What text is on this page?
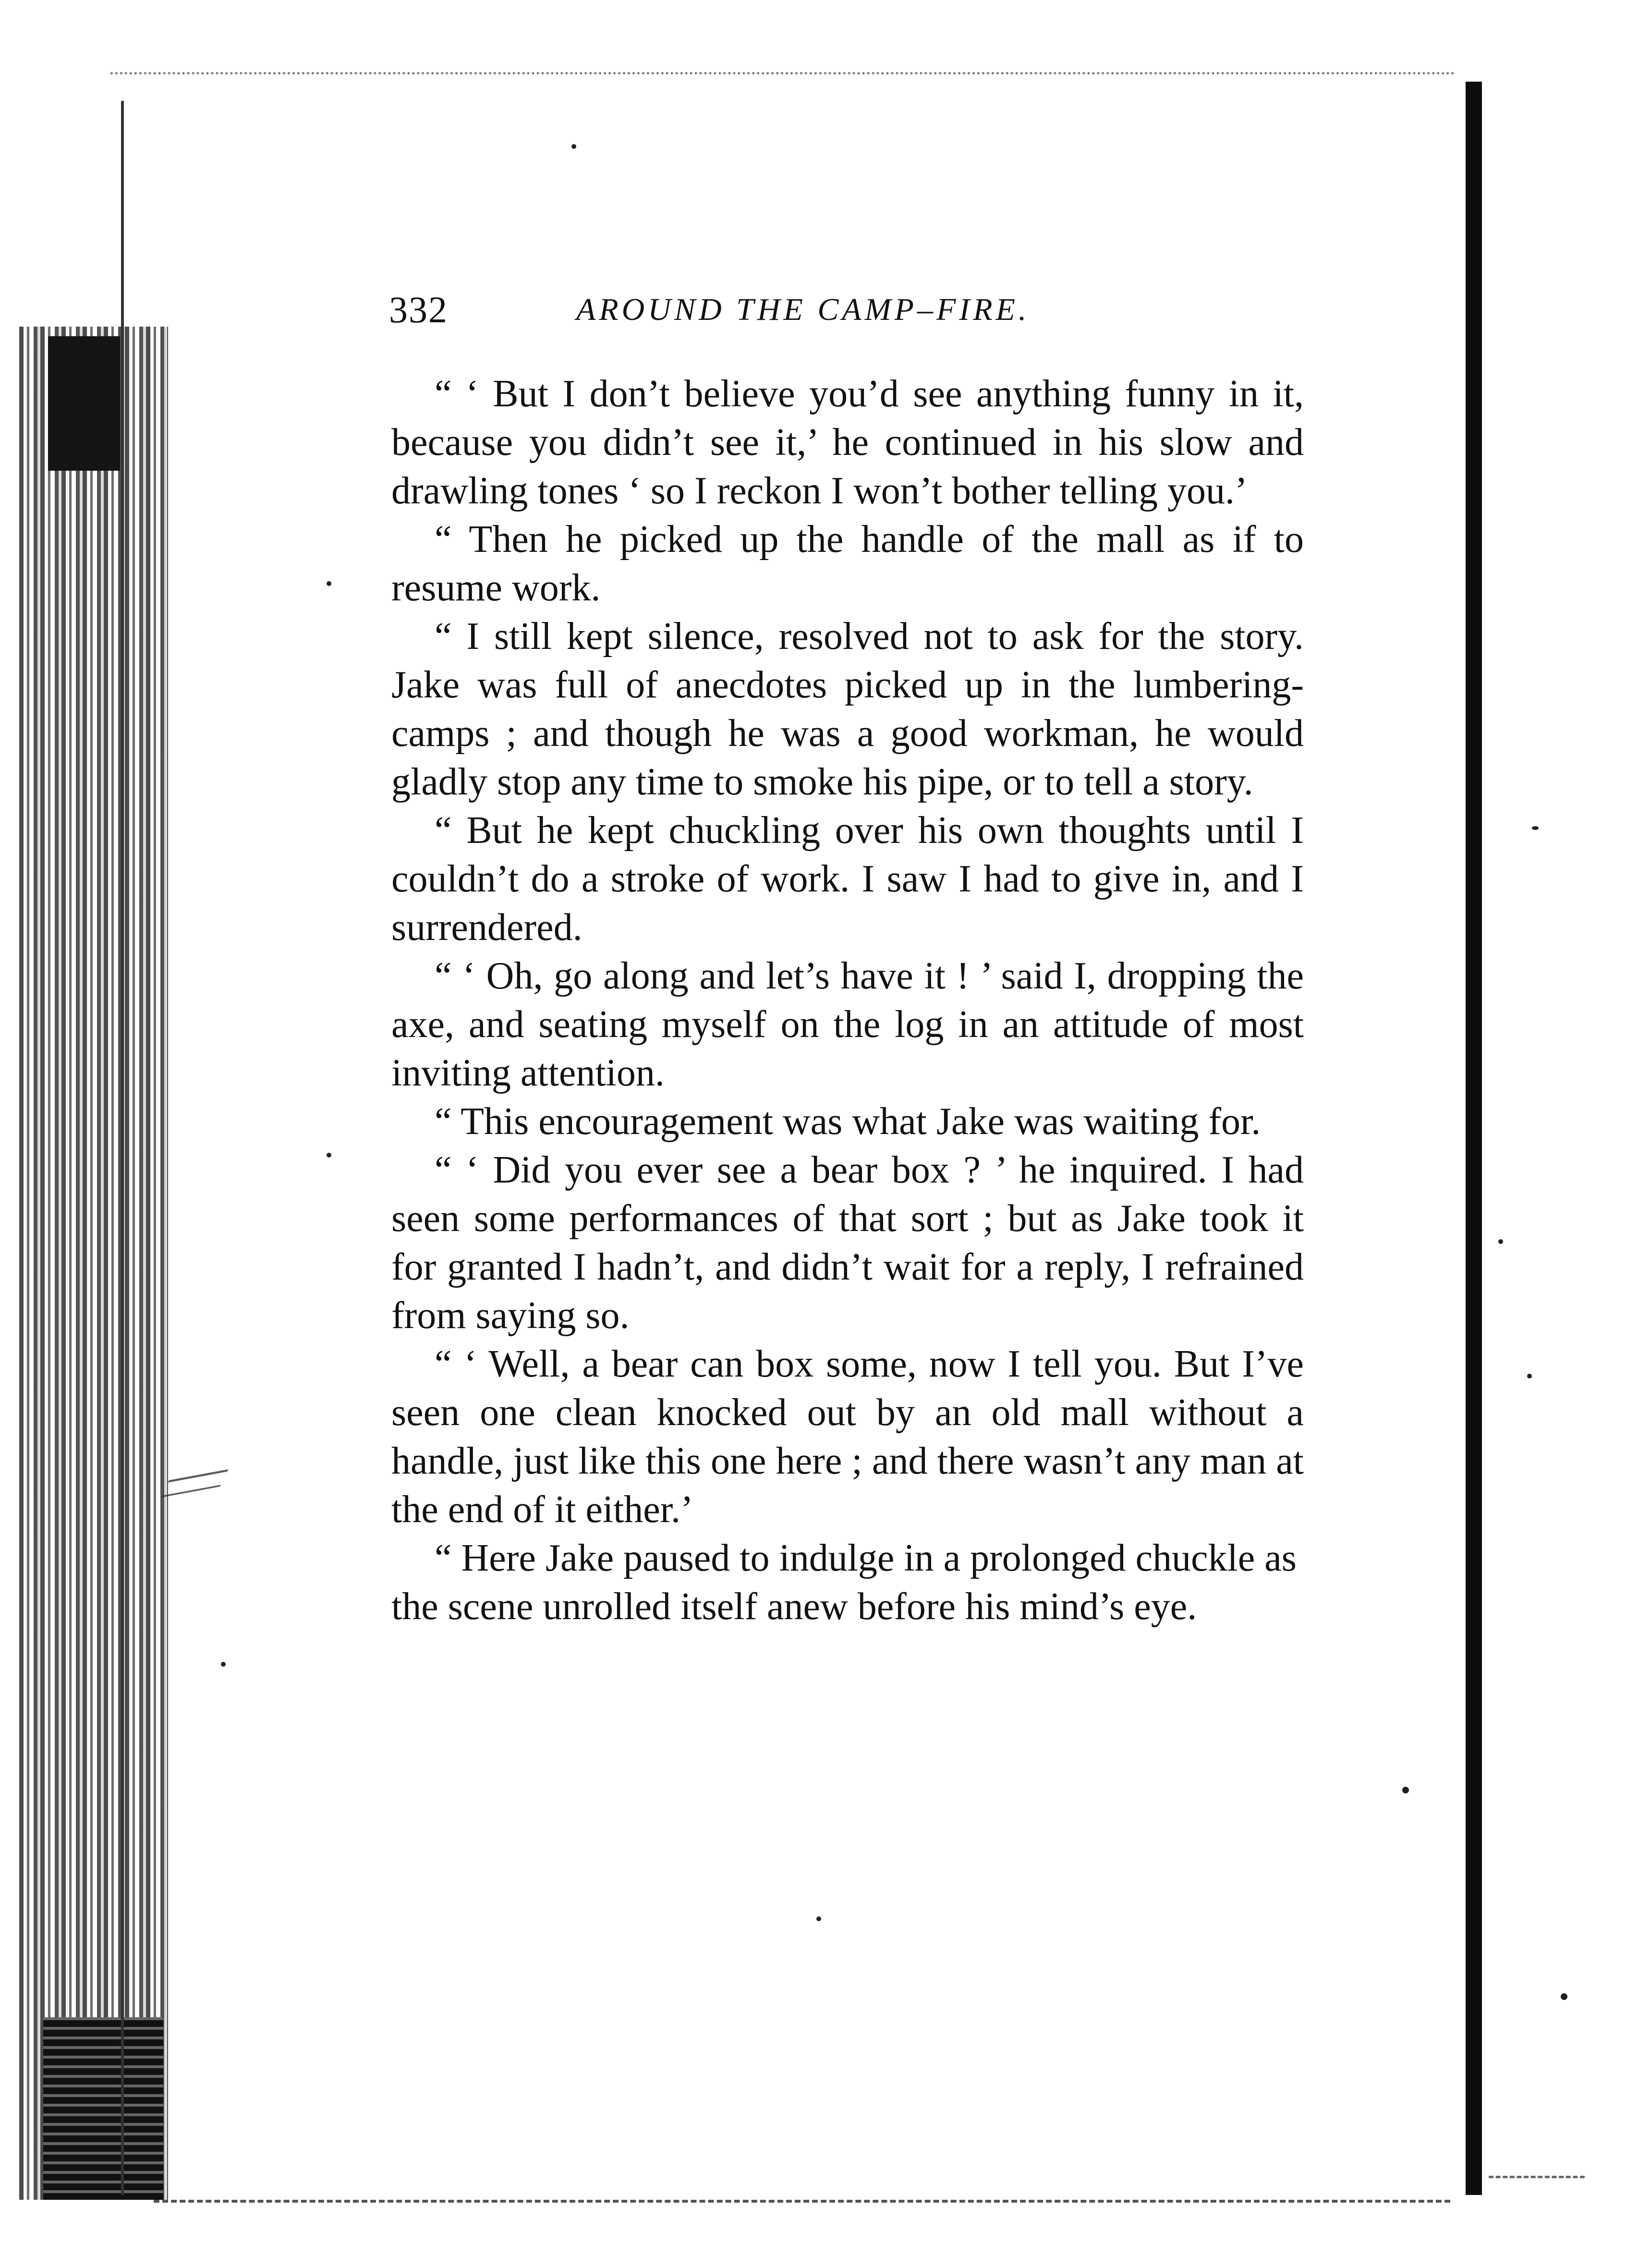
332	AROUND THE CAMP–FIRE.

“ ‘ But I don’t believe you’d see anything funny in it, because you didn’t see it,’ he continued in his slow and drawling tones ‘ so I reckon I won’t bother telling you.’

“ Then he picked up the handle of the mall as if to resume work.

“ I still kept silence, resolved not to ask for the story. Jake was full of anecdotes picked up in the lumbering-camps ; and though he was a good workman, he would gladly stop any time to smoke his pipe, or to tell a story.

“ But he kept chuckling over his own thoughts until I couldn’t do a stroke of work. I saw I had to give in, and I surrendered.

“ ‘ Oh, go along and let’s have it ! ’ said I, dropping the axe, and seating myself on the log in an attitude of most inviting attention.

“ This encouragement was what Jake was waiting for.

“ ‘ Did you ever see a bear box ? ’ he inquired. I had seen some performances of that sort ; but as Jake took it for granted I hadn’t, and didn’t wait for a reply, I refrained from saying so.

“ ‘ Well, a bear can box some, now I tell you. But I’ve seen one clean knocked out by an old mall without a handle, just like this one here ; and there wasn’t any man at the end of it either.’

“ Here Jake paused to indulge in a prolonged chuckle as the scene unrolled itself anew before his mind’s eye.
